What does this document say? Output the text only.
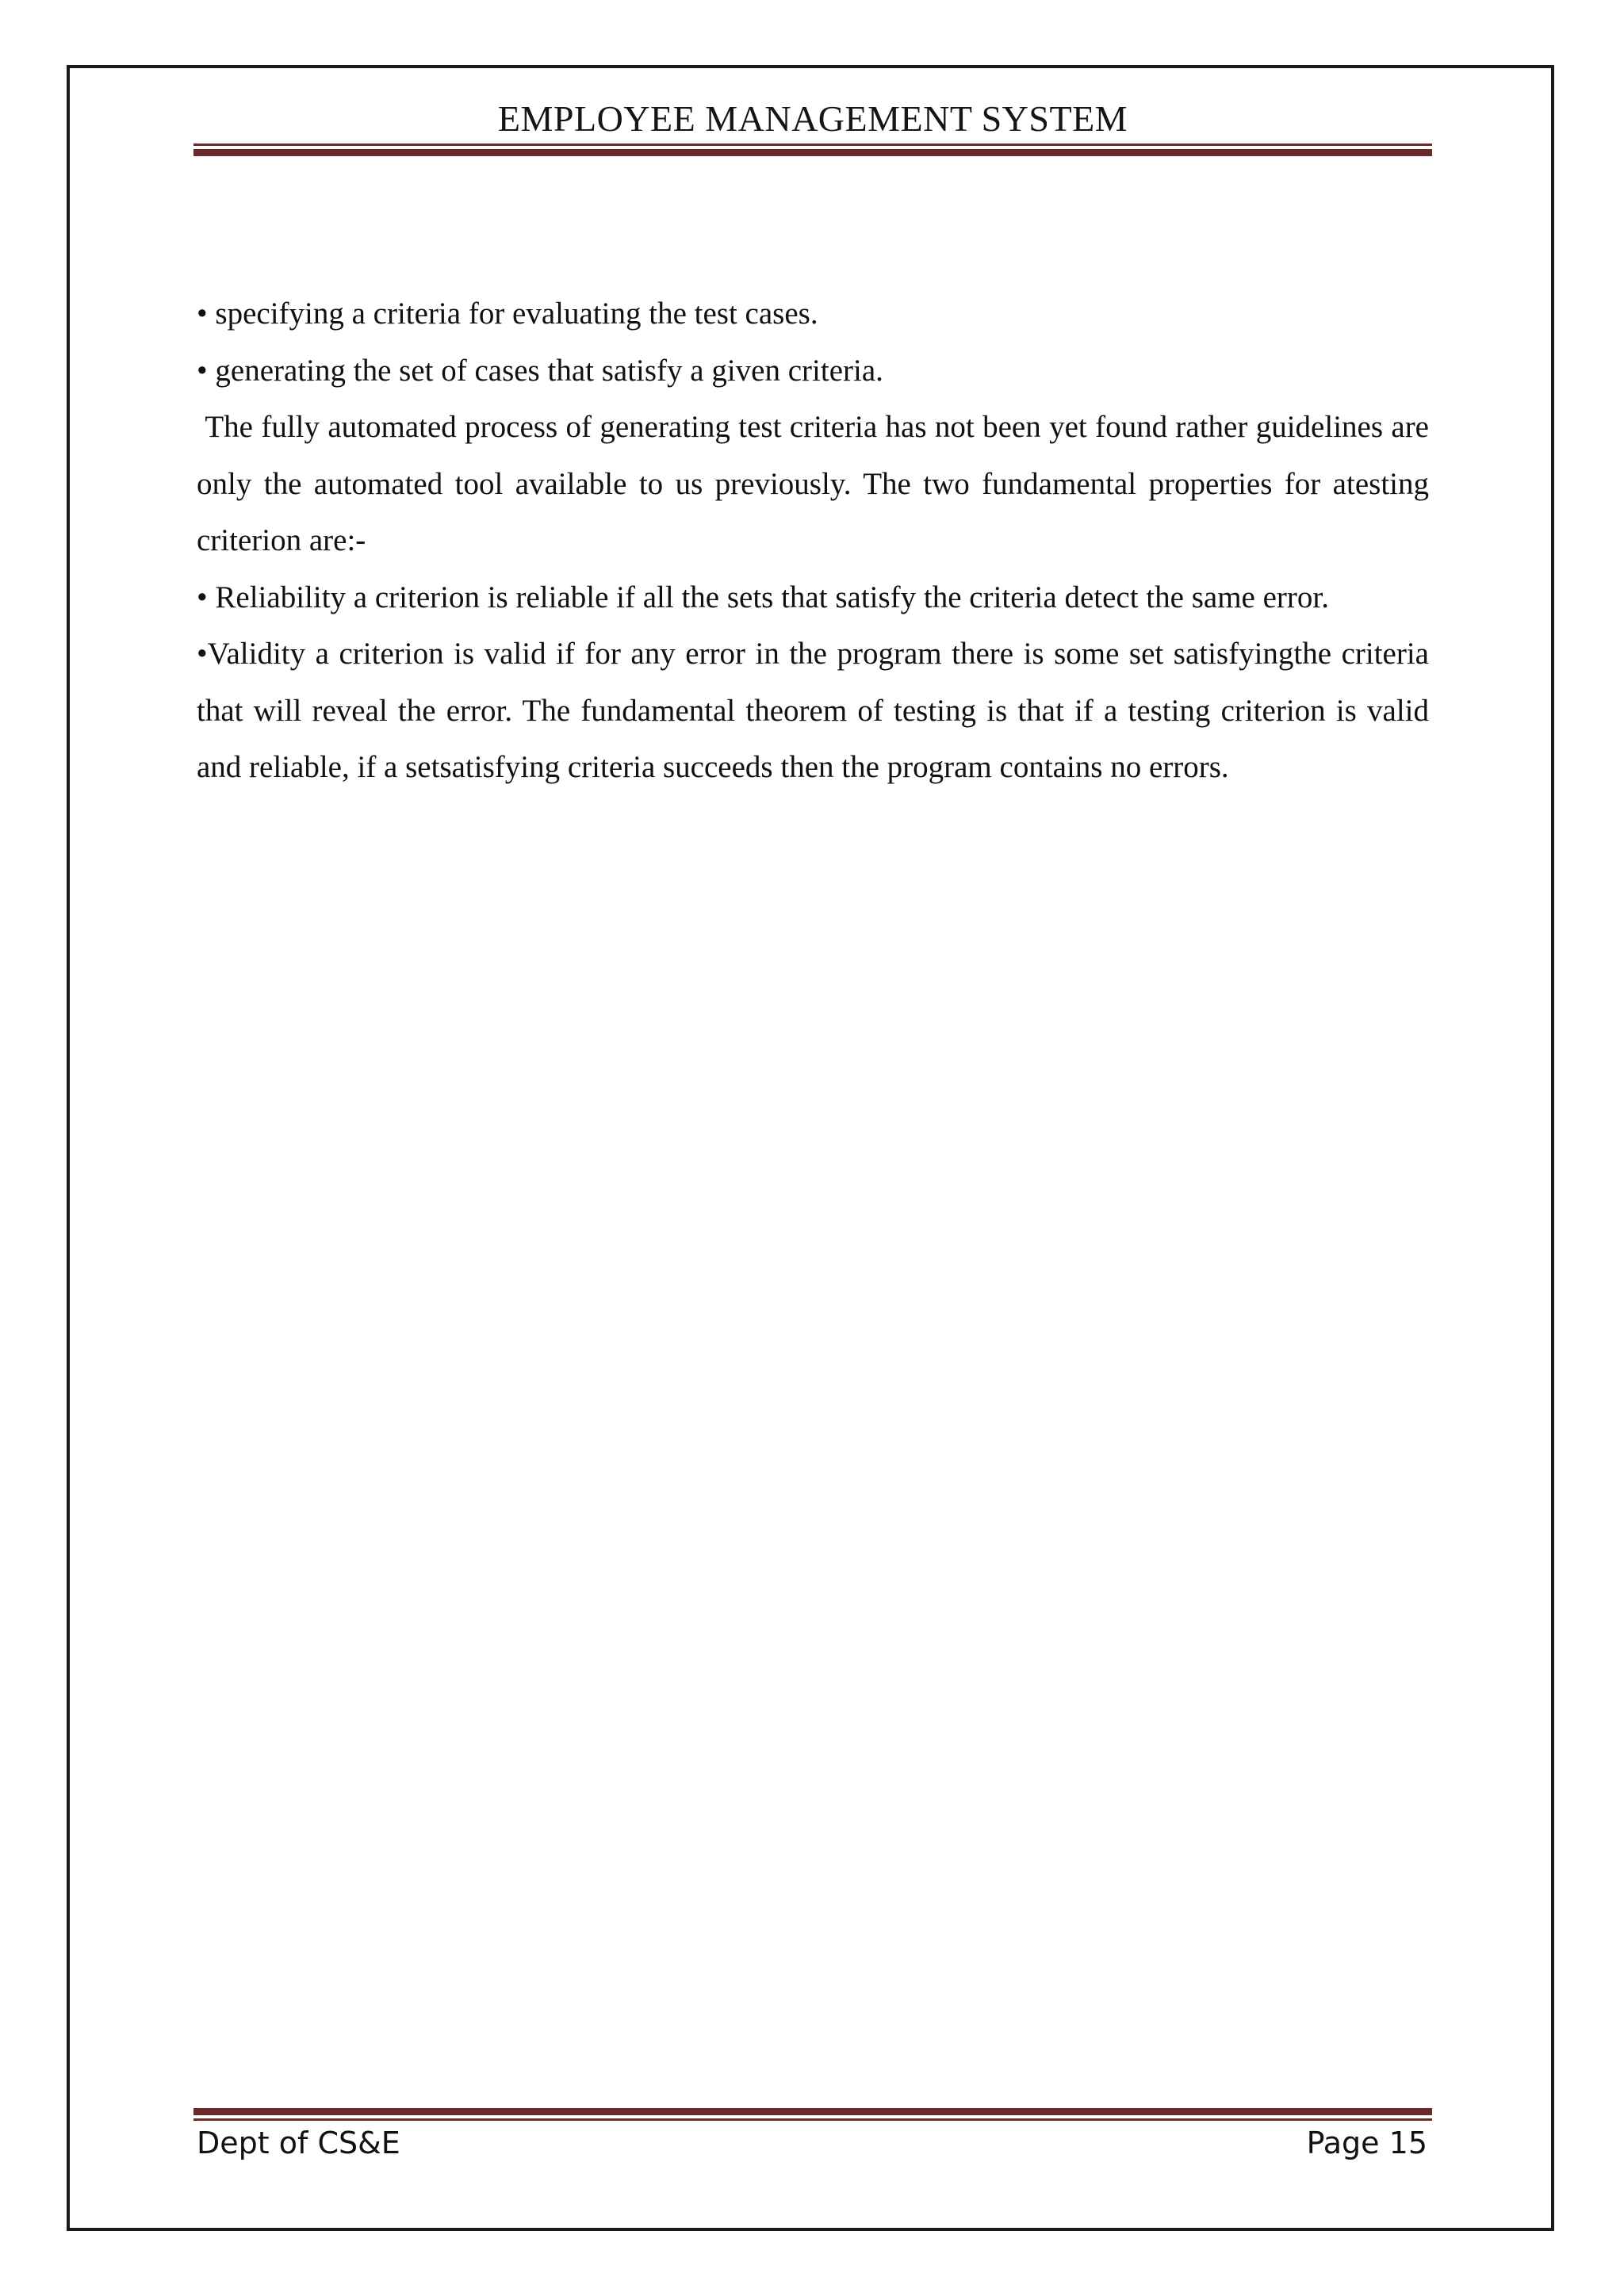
EMPLOYEE MANAGEMENT SYSTEM

• specifying a criteria for evaluating the test cases.

• generating the set of cases that satisfy a given criteria.

The fully automated process of generating test criteria has not been yet found rather guidelines are only the automated tool available to us previously. The two fundamental properties for atesting criterion are:-

• Reliability a criterion is reliable if all the sets that satisfy the criteria detect the same error.

•Validity a criterion is valid if for any error in the program there is some set satisfyingthe criteria that will reveal the error. The fundamental theorem of testing is that if a testing criterion is valid and reliable, if a setsatisfying criteria succeeds then the program contains no errors.

Dept of CS&E	Page 15
